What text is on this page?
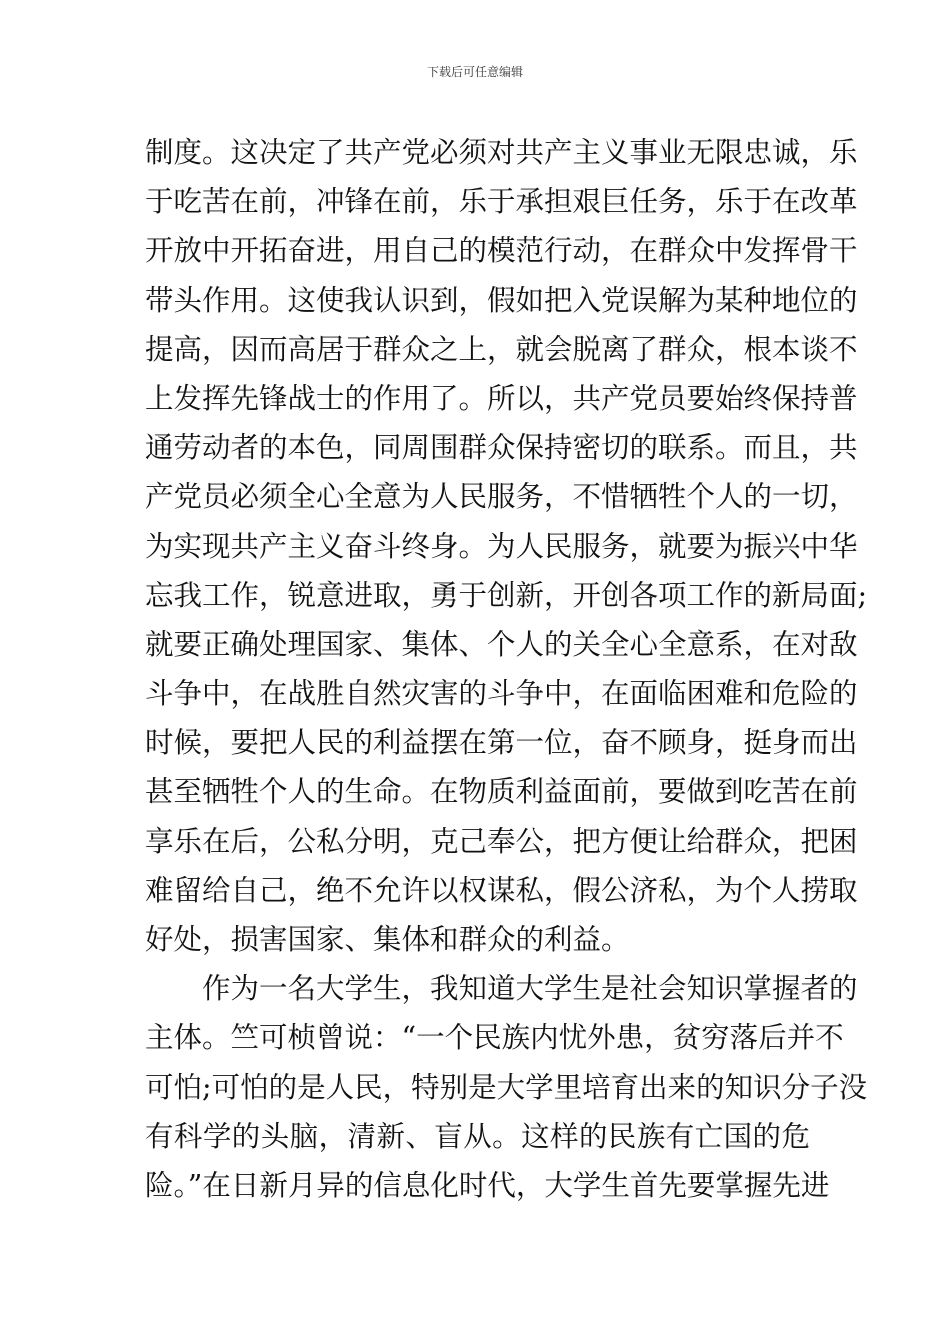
下载后可任意编辑
制度。这决定了共产党必须对共产主义事业无限忠诚，乐
于吃苦在前，冲锋在前，乐于承担艰巨任务，乐于在改革
开放中开拓奋进，用自己的模范行动，在群众中发挥骨干
带头作用。这使我认识到，假如把入党误解为某种地位的
提高，因而高居于群众之上，就会脱离了群众，根本谈不
上发挥先锋战士的作用了。所以，共产党员要始终保持普
通劳动者的本色，同周围群众保持密切的联系。而且，共
产党员必须全心全意为人民服务，不惜牺牲个人的一切，
为实现共产主义奋斗终身。为人民服务，就要为振兴中华
忘我工作，锐意进取，勇于创新，开创各项工作的新局面;
就要正确处理国家、集体、个人的关全心全意系，在对敌
斗争中，在战胜自然灾害的斗争中，在面临困难和危险的
时候，要把人民的利益摆在第一位，奋不顾身，挺身而出
甚至牺牲个人的生命。在物质利益面前，要做到吃苦在前
享乐在后，公私分明，克己奉公，把方便让给群众，把困
难留给自己，绝不允许以权谋私，假公济私，为个人捞取
好处，损害国家、集体和群众的利益。
作为一名大学生，我知道大学生是社会知识掌握者的
主体。竺可桢曾说：“一个民族内忧外患，贫穷落后并不
可怕;可怕的是人民，特别是大学里培育出来的知识分子没
有科学的头脑，清新、盲从。这样的民族有亡国的危
险。”在日新月异的信息化时代，大学生首先要掌握先进
